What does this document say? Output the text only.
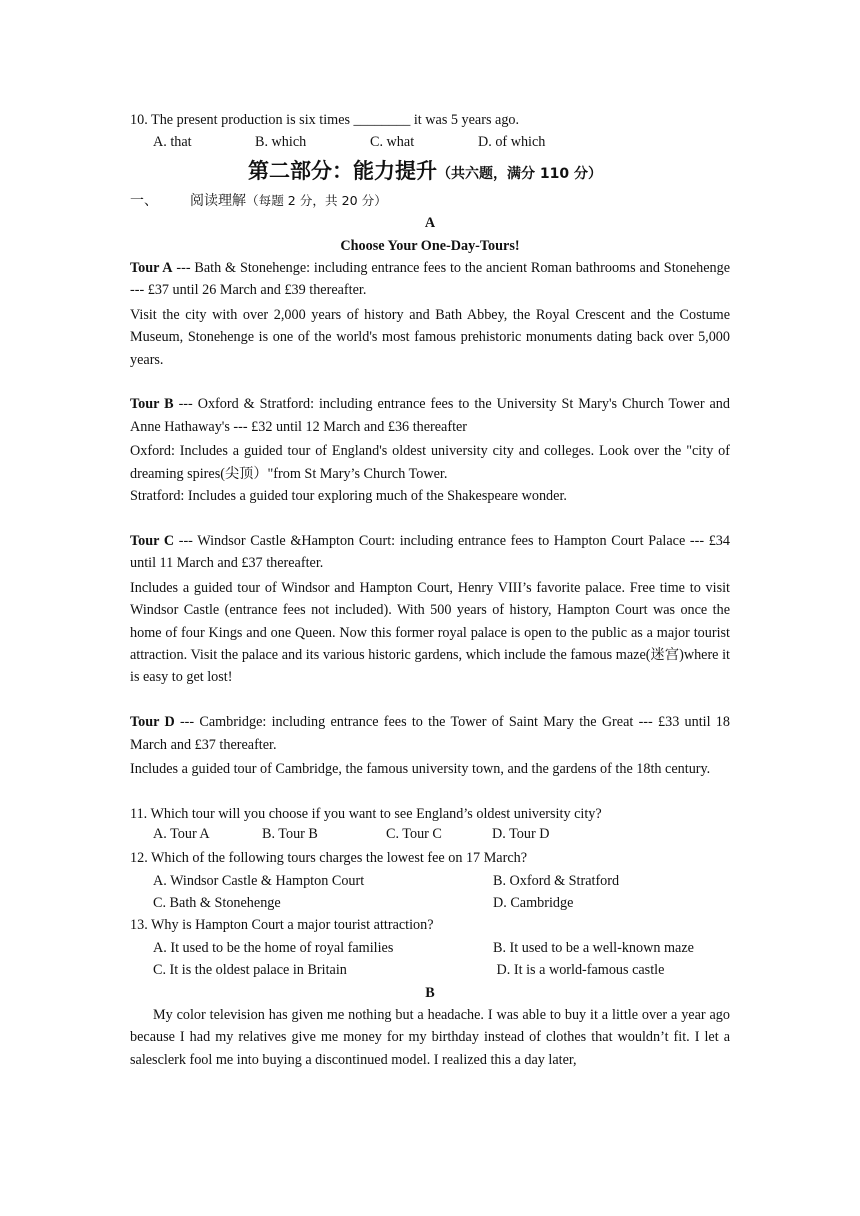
10. The present production is six times ________ it was 5 years ago.
A. that	B. which	C. what	D. of which
第二部分：能力提升（共六题，满分 110 分）
一、 阅读理解（每题 2 分，共 20 分）
A
Choose Your One-Day-Tours!
Tour A --- Bath & Stonehenge: including entrance fees to the ancient Roman bathrooms and Stonehenge --- £37 until 26 March and £39 thereafter.
Visit the city with over 2,000 years of history and Bath Abbey, the Royal Crescent and the Costume Museum, Stonehenge is one of the world's most famous prehistoric monuments dating back over 5,000 years.
Tour B --- Oxford & Stratford: including entrance fees to the University St Mary's Church Tower and Anne Hathaway's --- £32 until 12 March and £36 thereafter
Oxford: Includes a guided tour of England's oldest university city and colleges. Look over the "city of dreaming spires(尖顶）"from St Mary’s Church Tower.
Stratford: Includes a guided tour exploring much of the Shakespeare wonder.
Tour C --- Windsor Castle &Hampton Court: including entrance fees to Hampton Court Palace --- £34 until 11 March and £37 thereafter.
Includes a guided tour of Windsor and Hampton Court, Henry VIII’s favorite palace. Free time to visit Windsor Castle (entrance fees not included). With 500 years of history, Hampton Court was once the home of four Kings and one Queen. Now this former royal palace is open to the public as a major tourist attraction. Visit the palace and its various historic gardens, which include the famous maze(迷宫)where it is easy to get lost!
Tour D --- Cambridge: including entrance fees to the Tower of Saint Mary the Great --- £33 until 18 March and £37 thereafter.
Includes a guided tour of Cambridge, the famous university town, and the gardens of the 18th century.
11. Which tour will you choose if you want to see England’s oldest university city?
A. Tour A	B. Tour B	C. Tour C	D. Tour D
12. Which of the following tours charges the lowest fee on 17 March?
A. Windsor Castle & Hampton Court	B. Oxford & Stratford
C. Bath & Stonehenge	D. Cambridge
13. Why is Hampton Court a major tourist attraction?
A. It used to be the home of royal families	B. It used to be a well-known maze
C. It is the oldest palace in Britain	D. It is a world-famous castle
B
My color television has given me nothing but a headache. I was able to buy it a little over a year ago because I had my relatives give me money for my birthday instead of clothes that wouldn’t fit. I let a salesclerk fool me into buying a discontinued model. I realized this a day later,
